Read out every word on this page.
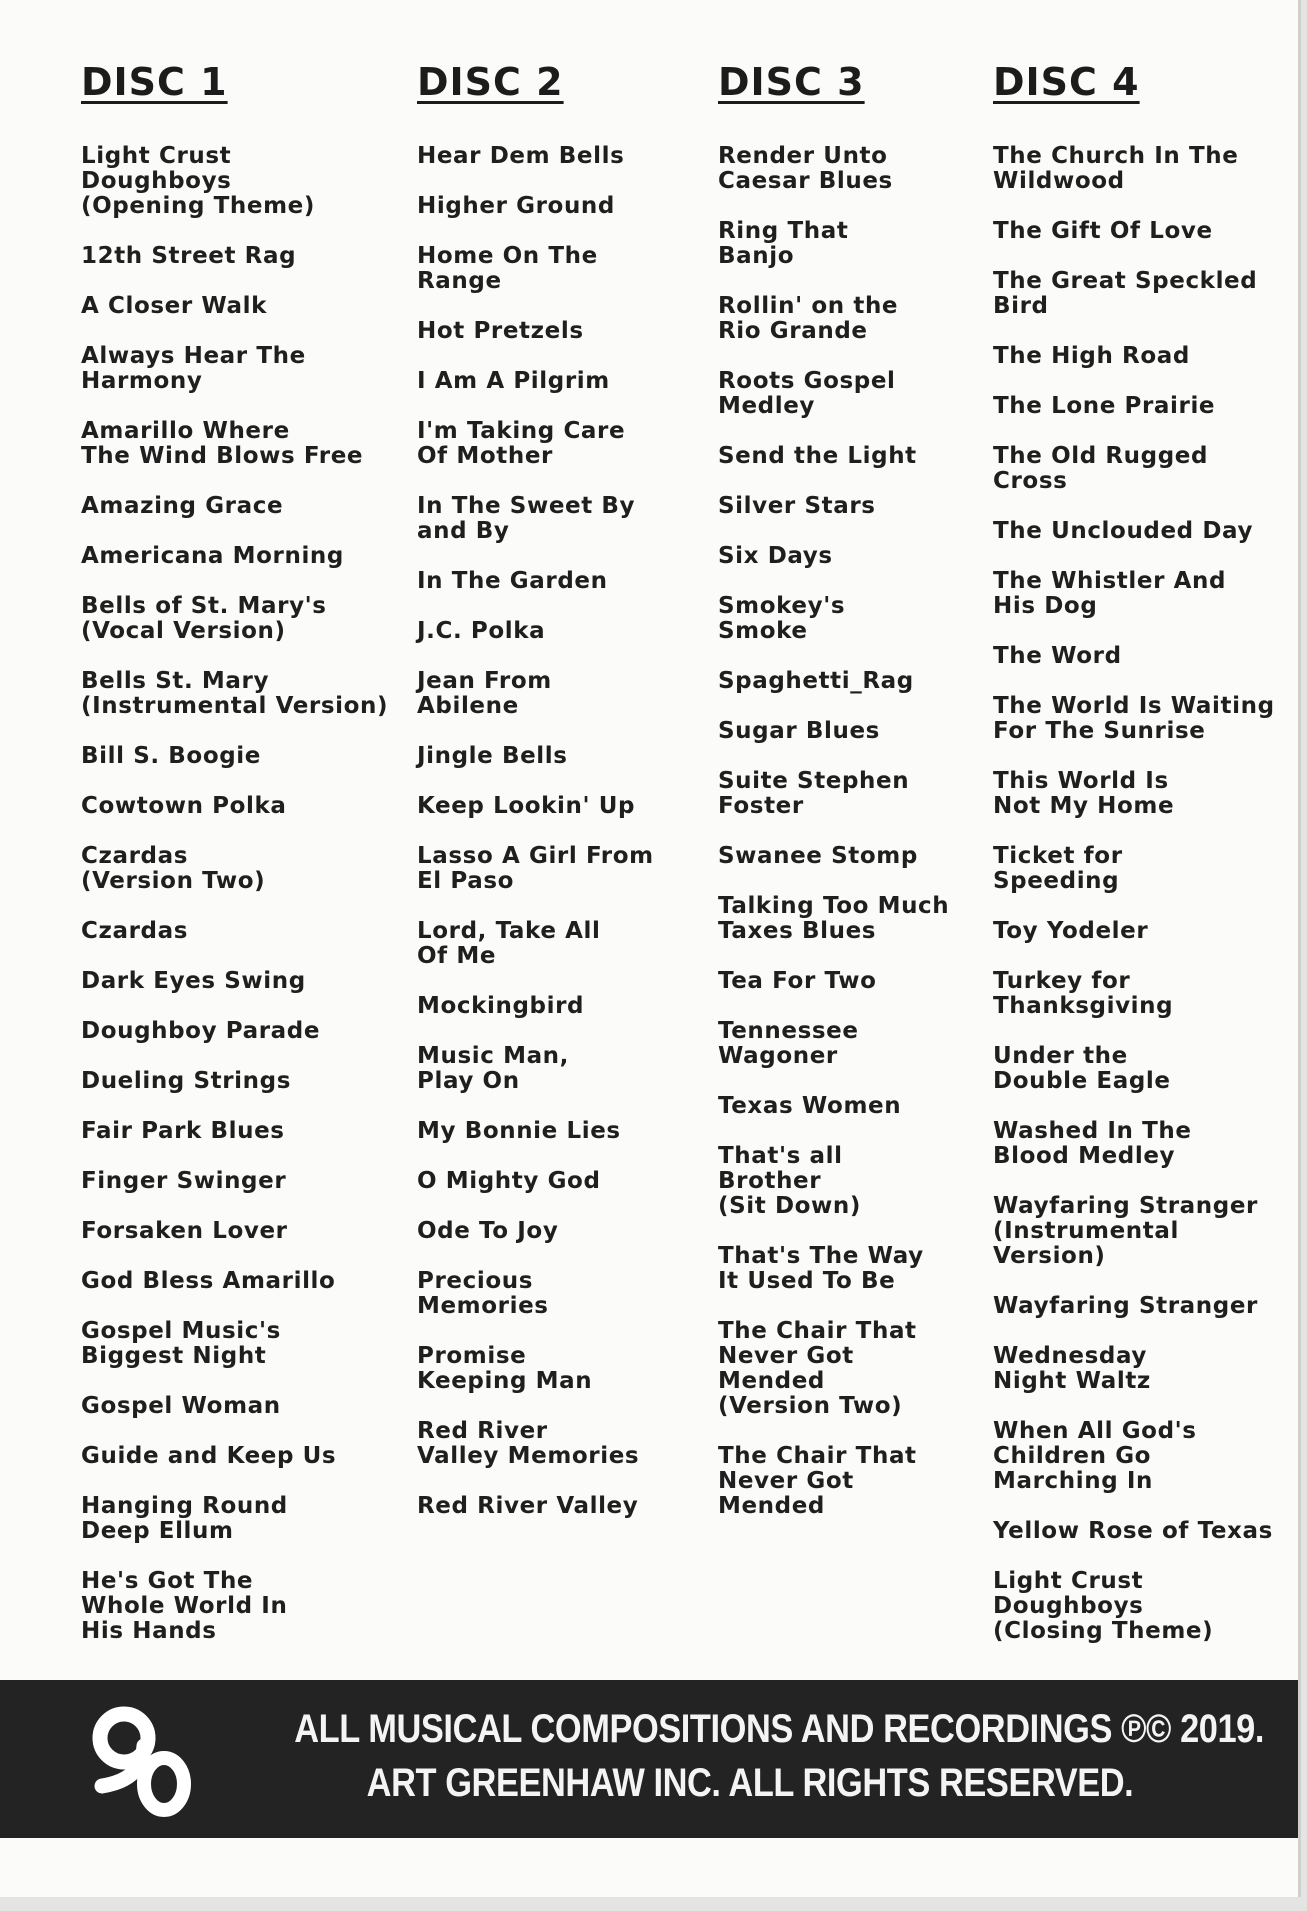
DISC 1
Light Crust
Doughboys
(Opening Theme)
12th Street Rag
A Closer Walk
Always Hear The
Harmony
Amarillo Where
The Wind Blows Free
Amazing Grace
Americana Morning
Bells of St. Mary's
(Vocal Version)
Bells St. Mary
(Instrumental Version)
Bill S. Boogie
Cowtown Polka
Czardas
(Version Two)
Czardas
Dark Eyes Swing
Doughboy Parade
Dueling Strings
Fair Park Blues
Finger Swinger
Forsaken Lover
God Bless Amarillo
Gospel Music's
Biggest Night
Gospel Woman
Guide and Keep Us
Hanging Round
Deep Ellum
He's Got The
Whole World In
His Hands
DISC 2
Hear Dem Bells
Higher Ground
Home On The
Range
Hot Pretzels
I Am A Pilgrim
I'm Taking Care
Of Mother
In The Sweet By
and By
In The Garden
J.C. Polka
Jean From
Abilene
Jingle Bells
Keep Lookin' Up
Lasso A Girl From
El Paso
Lord, Take All
Of Me
Mockingbird
Music Man,
Play On
My Bonnie Lies
O Mighty God
Ode To Joy
Precious
Memories
Promise
Keeping Man
Red River
Valley Memories
Red River Valley
DISC 3
Render Unto
Caesar Blues
Ring That
Banjo
Rollin' on the
Rio Grande
Roots Gospel
Medley
Send the Light
Silver Stars
Six Days
Smokey's
Smoke
Spaghetti_Rag
Sugar Blues
Suite Stephen
Foster
Swanee Stomp
Talking Too Much
Taxes Blues
Tea For Two
Tennessee
Wagoner
Texas Women
That's all
Brother
(Sit Down)
That's The Way
It Used To Be
The Chair That
Never Got
Mended
(Version Two)
The Chair That
Never Got
Mended
DISC 4
The Church In The
Wildwood
The Gift Of Love
The Great Speckled
Bird
The High Road
The Lone Prairie
The Old Rugged
Cross
The Unclouded Day
The Whistler And
His Dog
The Word
The World Is Waiting
For The Sunrise
This World Is
Not My Home
Ticket for
Speeding
Toy Yodeler
Turkey for
Thanksgiving
Under the
Double Eagle
Washed In The
Blood Medley
Wayfaring Stranger
(Instrumental Version)
Wayfaring Stranger
Wednesday
Night Waltz
When All God's
Children Go
Marching In
Yellow Rose of Texas
Light Crust Doughboys
(Closing Theme)
ALL MUSICAL COMPOSITIONS AND RECORDINGS ℗© 2019.
ART GREENHAW INC. ALL RIGHTS RESERVED.
